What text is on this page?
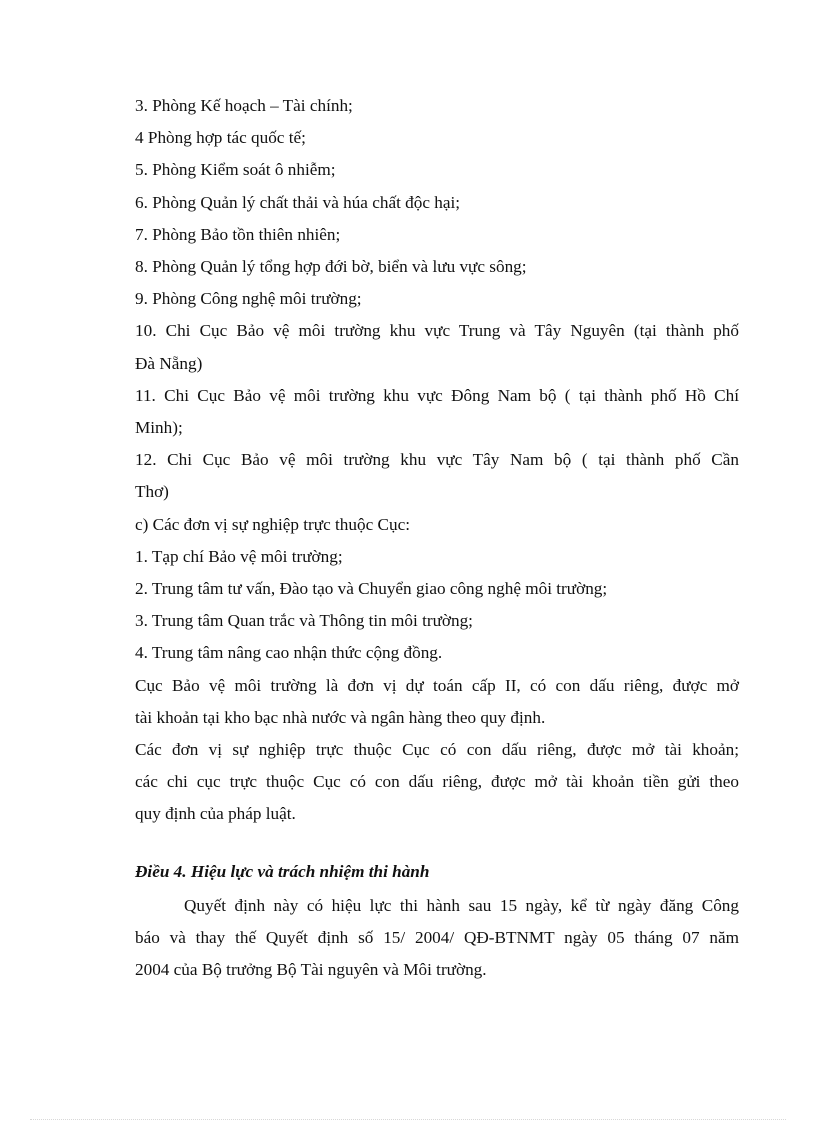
3. Phòng Kế hoạch – Tài chính;
4 Phòng hợp tác quốc tế;
5. Phòng Kiểm soát ô nhiễm;
6. Phòng Quản lý chất thải và húa chất độc hại;
7. Phòng Bảo tồn thiên nhiên;
8. Phòng Quản lý tổng hợp đới bờ, biển và lưu vực sông;
9. Phòng Công nghệ môi trường;
10. Chi Cục Bảo vệ môi trường khu vực Trung và Tây Nguyên (tại thành phố
Đà Nẵng)
11. Chi Cục Bảo vệ môi trường khu vực Đông Nam bộ ( tại thành phố Hồ Chí
Minh);
12. Chi Cục Bảo vệ môi trường khu vực Tây Nam bộ ( tại thành phố Cần
Thơ)
c) Các đơn vị sự nghiệp trực thuộc Cục:
1. Tạp chí Bảo vệ môi trường;
2. Trung tâm tư vấn, Đào tạo và Chuyển giao công nghệ môi trường;
3. Trung tâm Quan trắc và Thông tin môi trường;
4. Trung tâm nâng cao nhận thức cộng đồng.
Cục Bảo vệ môi trường là đơn vị dự toán cấp II, có con dấu riêng, được mở
tài khoản tại kho bạc nhà nước và ngân hàng theo quy định.
Các đơn vị sự nghiệp trực thuộc Cục có con dấu riêng, được mở tài khoản;
các chi cục trực thuộc Cục có con dấu riêng, được mở tài khoản tiền gửi theo
quy định của pháp luật.
Điều 4. Hiệu lực và trách nhiệm thi hành
Quyết định này có hiệu lực thi hành sau 15 ngày, kể từ ngày đăng Công
báo và thay thế Quyết định số 15/ 2004/ QĐ-BTNMT ngày 05 tháng 07 năm
2004 của Bộ trưởng Bộ Tài nguyên và Môi trường.
